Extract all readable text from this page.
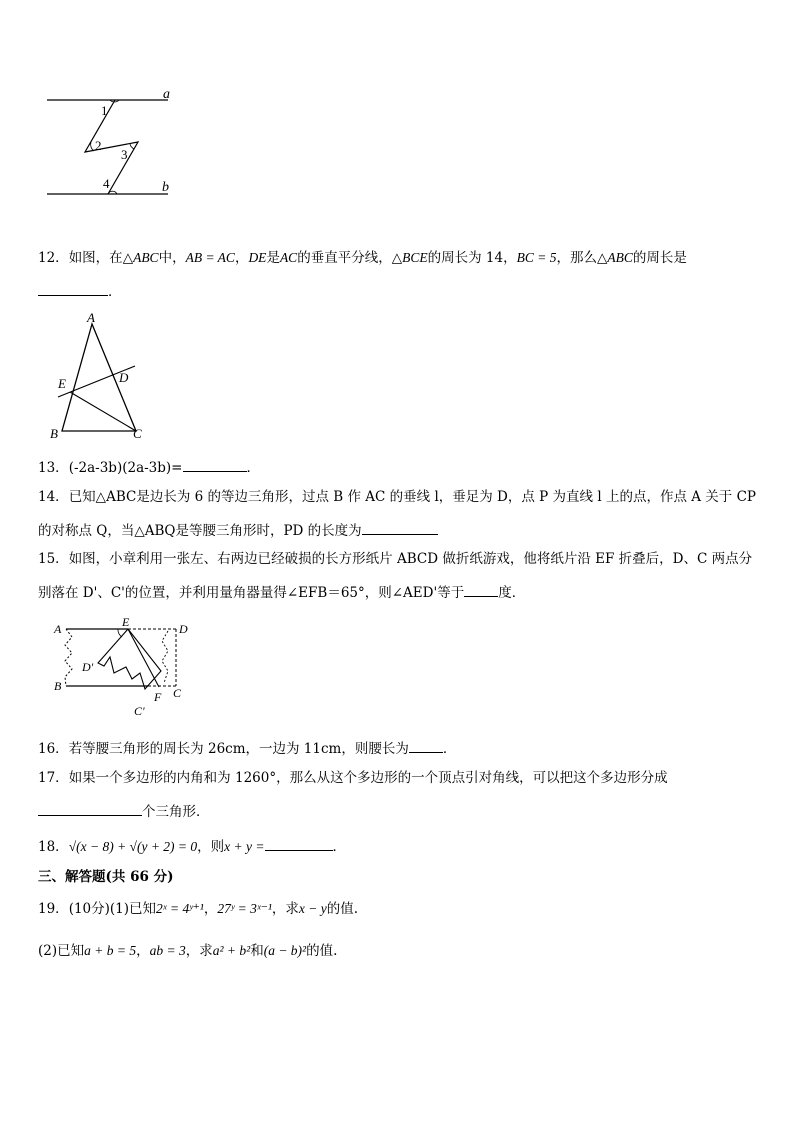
a
b
1
2
3
4
12．如图，在△ABC中，AB = AC，DE是AC的垂直平分线，△BCE的周长为 14，BC = 5，那么△ABC的周长是
．
A
B	C
D
E
13．(-2a-3b)(2a-3b)=	．
14．已知△ABC是边长为 6 的等边三角形，过点 B 作 AC 的垂线 l，垂足为 D，点 P 为直线 l 上的点，作点 A 关于 CP
的对称点 Q，当△ABQ是等腰三角形时，PD 的长度为
15．如图，小章利用一张左、右两边已经破损的长方形纸片 ABCD 做折纸游戏，他将纸片沿 EF 折叠后，D、C 两点分
别落在 D'、C'的位置，并利用量角器量得∠EFB＝65°，则∠AED'等于	度．
A	E	D
B	C
F
D'
C'
16．若等腰三角形的周长为 26cm，一边为 11cm，则腰长为	．
17．如果一个多边形的内角和为 1260°，那么从这个多边形的一个顶点引对角线，可以把这个多边形分成
个三角形．
18．√(x − 8) + √(y + 2) = 0，则x + y =	．
三、解答题(共 66 分)
19．(10分)(1)已知2ˣ = 4ʸ⁺¹，27ʸ = 3ˣ⁻¹，求x − y的值.
(2)已知a + b = 5，ab = 3，求a² + b²和(a − b)²的值.
